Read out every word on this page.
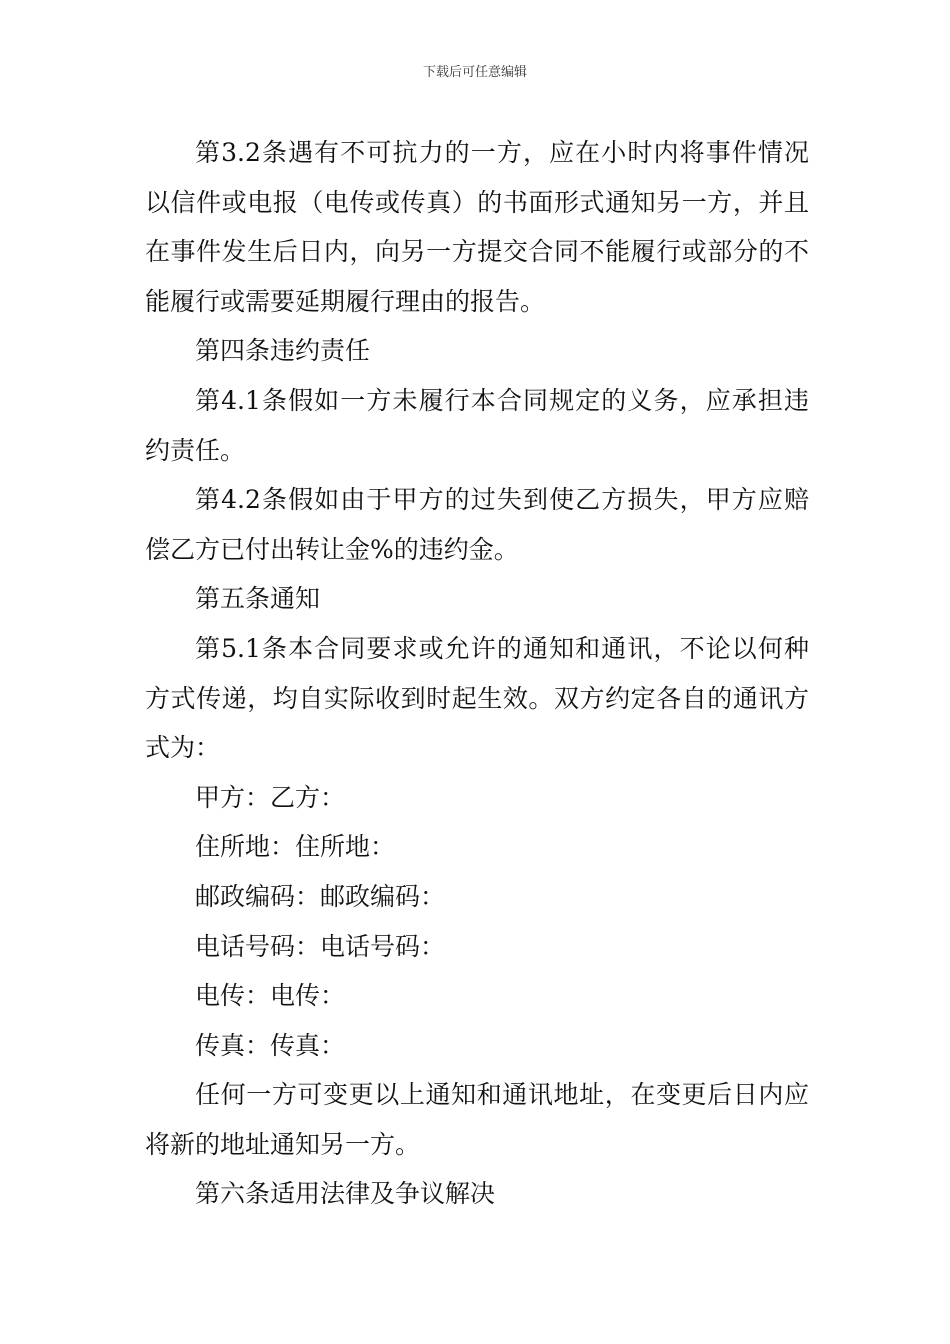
下载后可任意编辑

第3.2条遇有不可抗力的一方，应在小时内将事件情况以信件或电报（电传或传真）的书面形式通知另一方，并且在事件发生后日内，向另一方提交合同不能履行或部分的不能履行或需要延期履行理由的报告。

第四条违约责任

第4.1条假如一方未履行本合同规定的义务，应承担违约责任。

第4.2条假如由于甲方的过失到使乙方损失，甲方应赔偿乙方已付出转让金%的违约金。

第五条通知

第5.1条本合同要求或允许的通知和通讯，不论以何种方式传递，均自实际收到时起生效。双方约定各自的通讯方式为：

甲方：乙方：

住所地：住所地：

邮政编码：邮政编码：

电话号码：电话号码：

电传：电传：

传真：传真：

任何一方可变更以上通知和通讯地址，在变更后日内应将新的地址通知另一方。

第六条适用法律及争议解决
